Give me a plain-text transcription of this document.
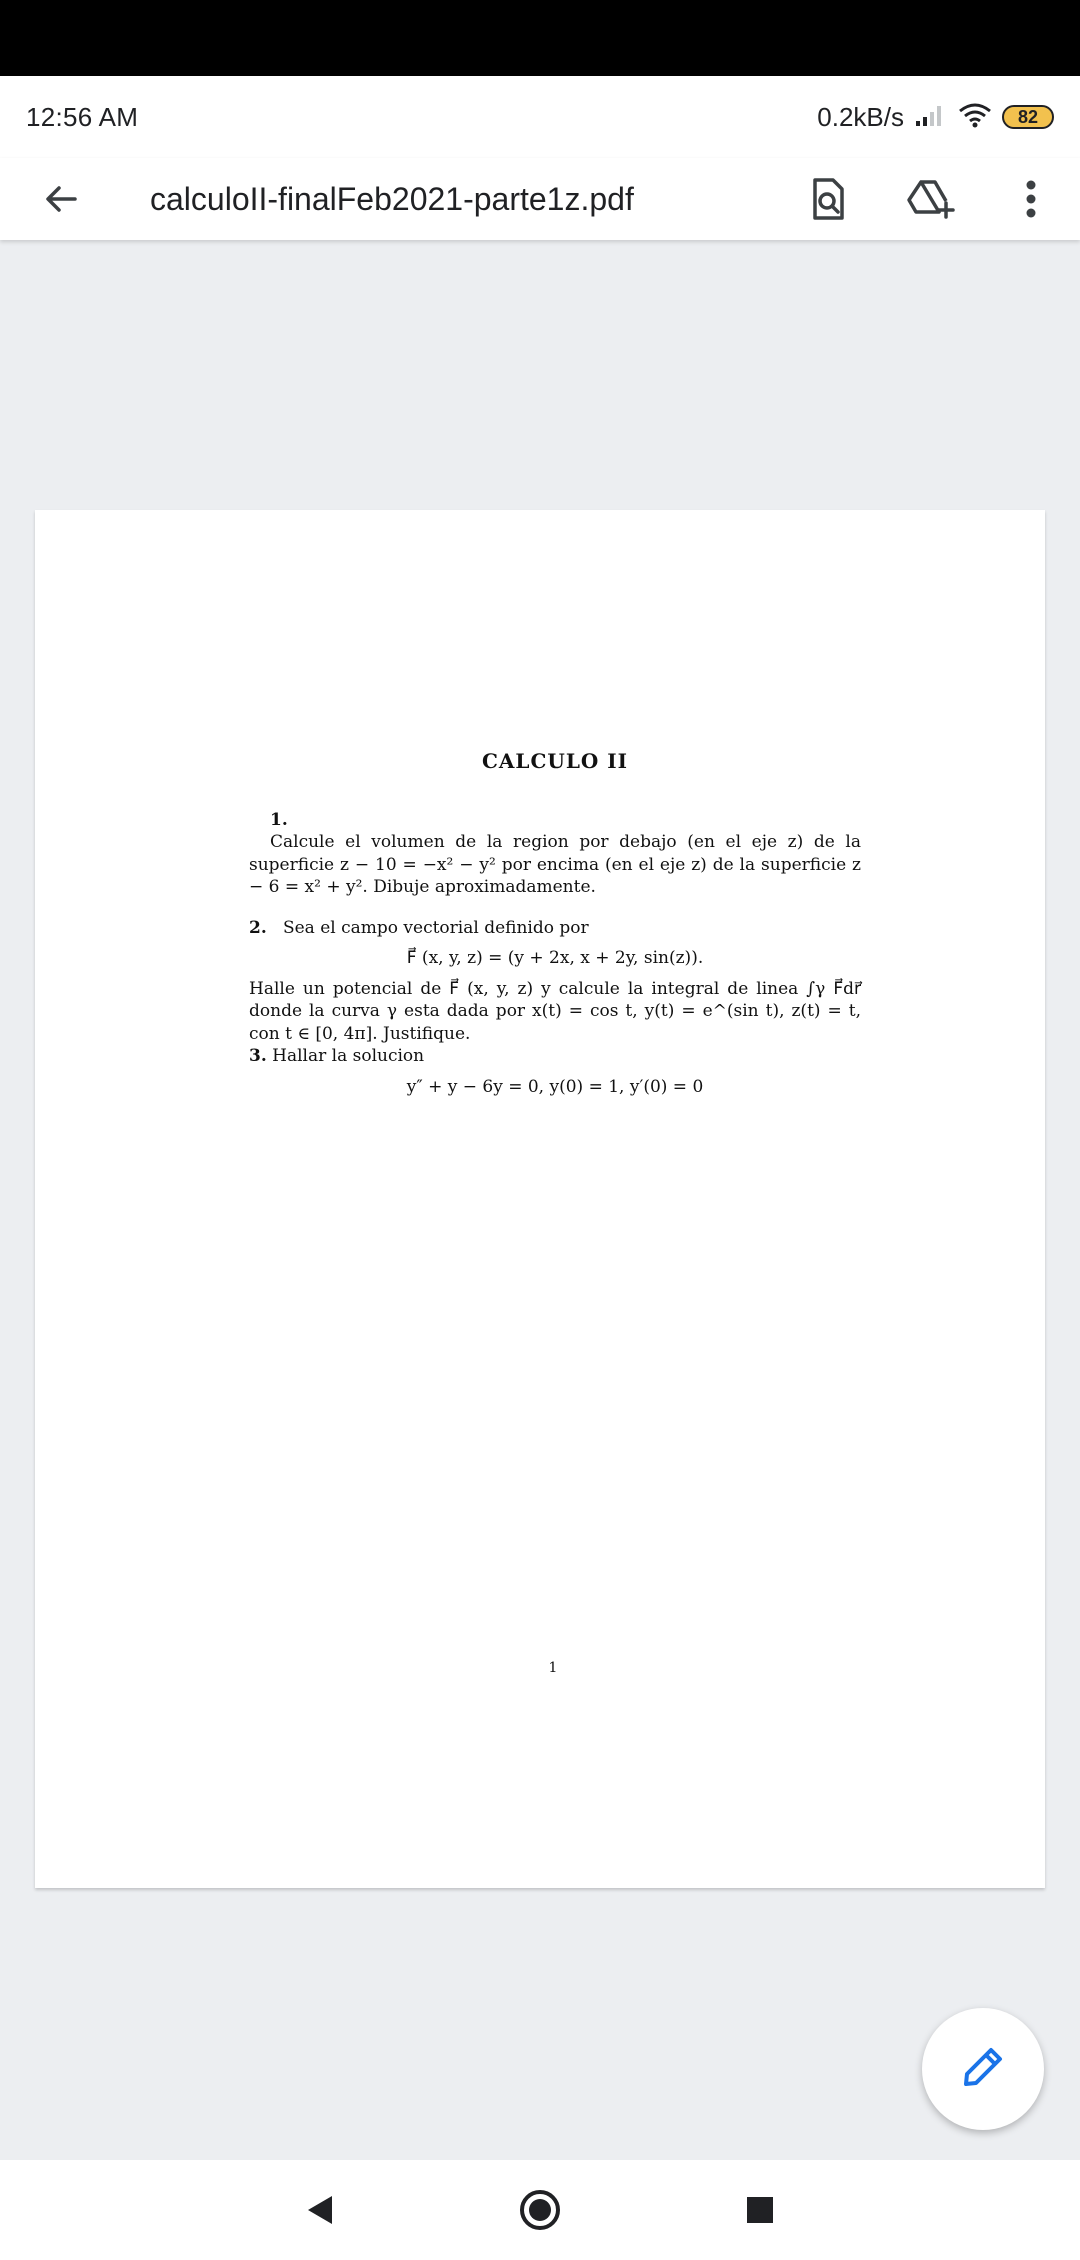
12:56 AM	0.2kB/s	82
calculoII-finalFeb2021-parte1z.pdf
CALCULO II
1.
Calcule el volumen de la region por debajo (en el eje z) de la superficie z − 10 = −x² − y² por encima (en el eje z) de la superficie z − 6 = x² + y². Dibuje aproximadamente.
2. Sea el campo vectorial definido por
F⃗ (x, y, z) = (y + 2x, x + 2y, sin(z)).
Halle un potencial de F⃗ (x, y, z) y calcule la integral de linea ∫γ F⃗dr⃗ donde la curva γ esta dada por x(t) = cos t, y(t) = e^(sin t), z(t) = t, con t ∈ [0, 4π]. Justifique.
3. Hallar la solucion
y″ + y − 6y = 0, y(0) = 1, y′(0) = 0
1
